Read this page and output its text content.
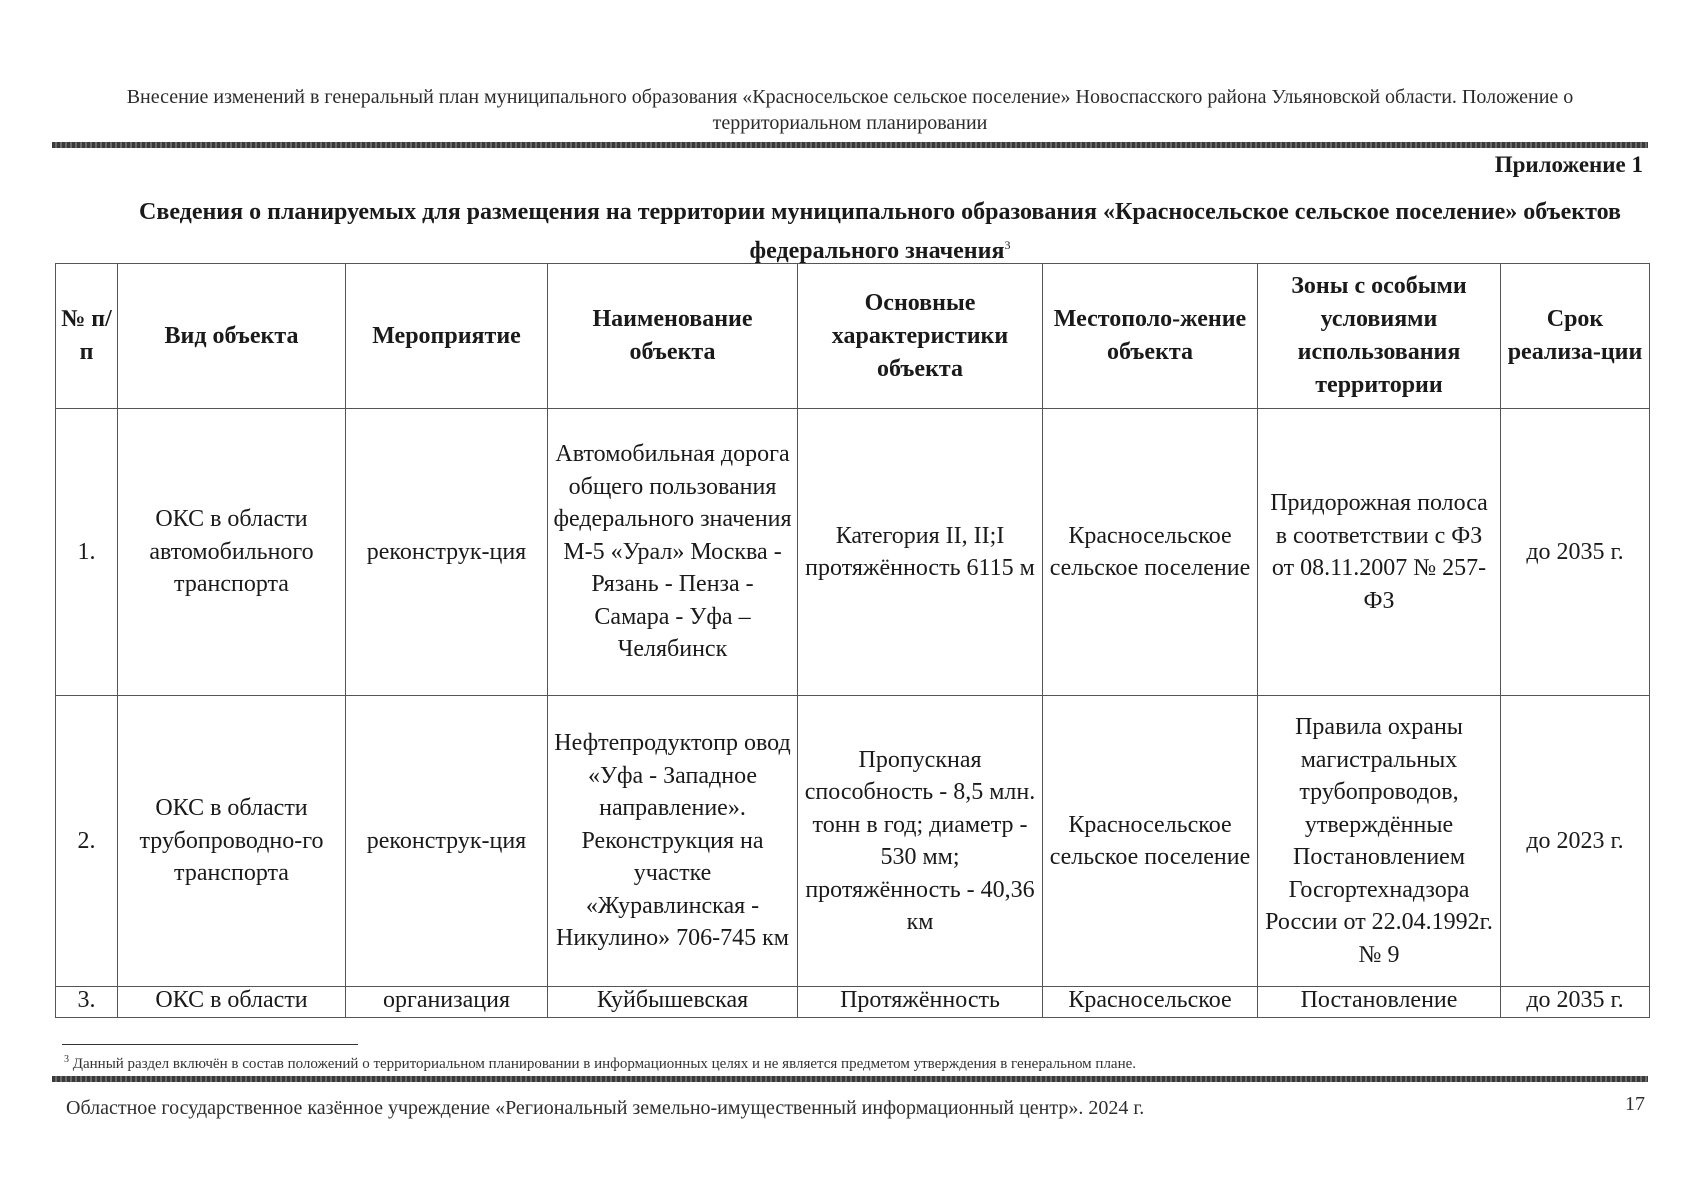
Внесение изменений в генеральный план муниципального образования «Красносельское сельское поселение» Новоспасского района Ульяновской области. Положение о территориальном планировании
Приложение 1
Сведения о планируемых для размещения на территории муниципального образования «Красносельское сельское поселение» объектов федерального значения$^3$
№ п/п	Вид объекта	Мероприятие	Наименование объекта	Основные характеристики объекта	Местополо-жение объекта	Зоны с особыми условиями использования территории	Срок реализа-ции
1.	ОКС в области автомобильного транспорта	реконструк-ция	Автомобильная дорога общего пользования федерального значения М-5 «Урал» Москва - Рязань - Пенза - Самара - Уфа – Челябинск	Категория II, II;I протяжённость 6115 м	Красносельское сельское поселение	Придорожная полоса в соответствии с ФЗ от 08.11.2007 № 257-ФЗ	до 2035 г.
2.	ОКС в области трубопроводно-го транспорта	реконструк-ция	Нефтепродуктопр овод «Уфа - Западное направление». Реконструкция на участке «Журавлинская - Никулино» 706-745 км	Пропускная способность - 8,5 млн. тонн в год; диаметр - 530 мм; протяжённость - 40,36 км	Красносельское сельское поселение	Правила охраны магистральных трубопроводов, утверждённые Постановлением Госгортехнадзора России от 22.04.1992г. № 9	до 2023 г.
3.	ОКС в области	организация	Куйбышевская	Протяжённость	Красносельское	Постановление	до 2035 г.
$^3$ Данный раздел включён в состав положений о территориальном планировании в информационных целях и не является предметом утверждения в генеральном плане.
Областное государственное казённое учреждение «Региональный земельно-имущественный информационный центр». 2024 г.	17
